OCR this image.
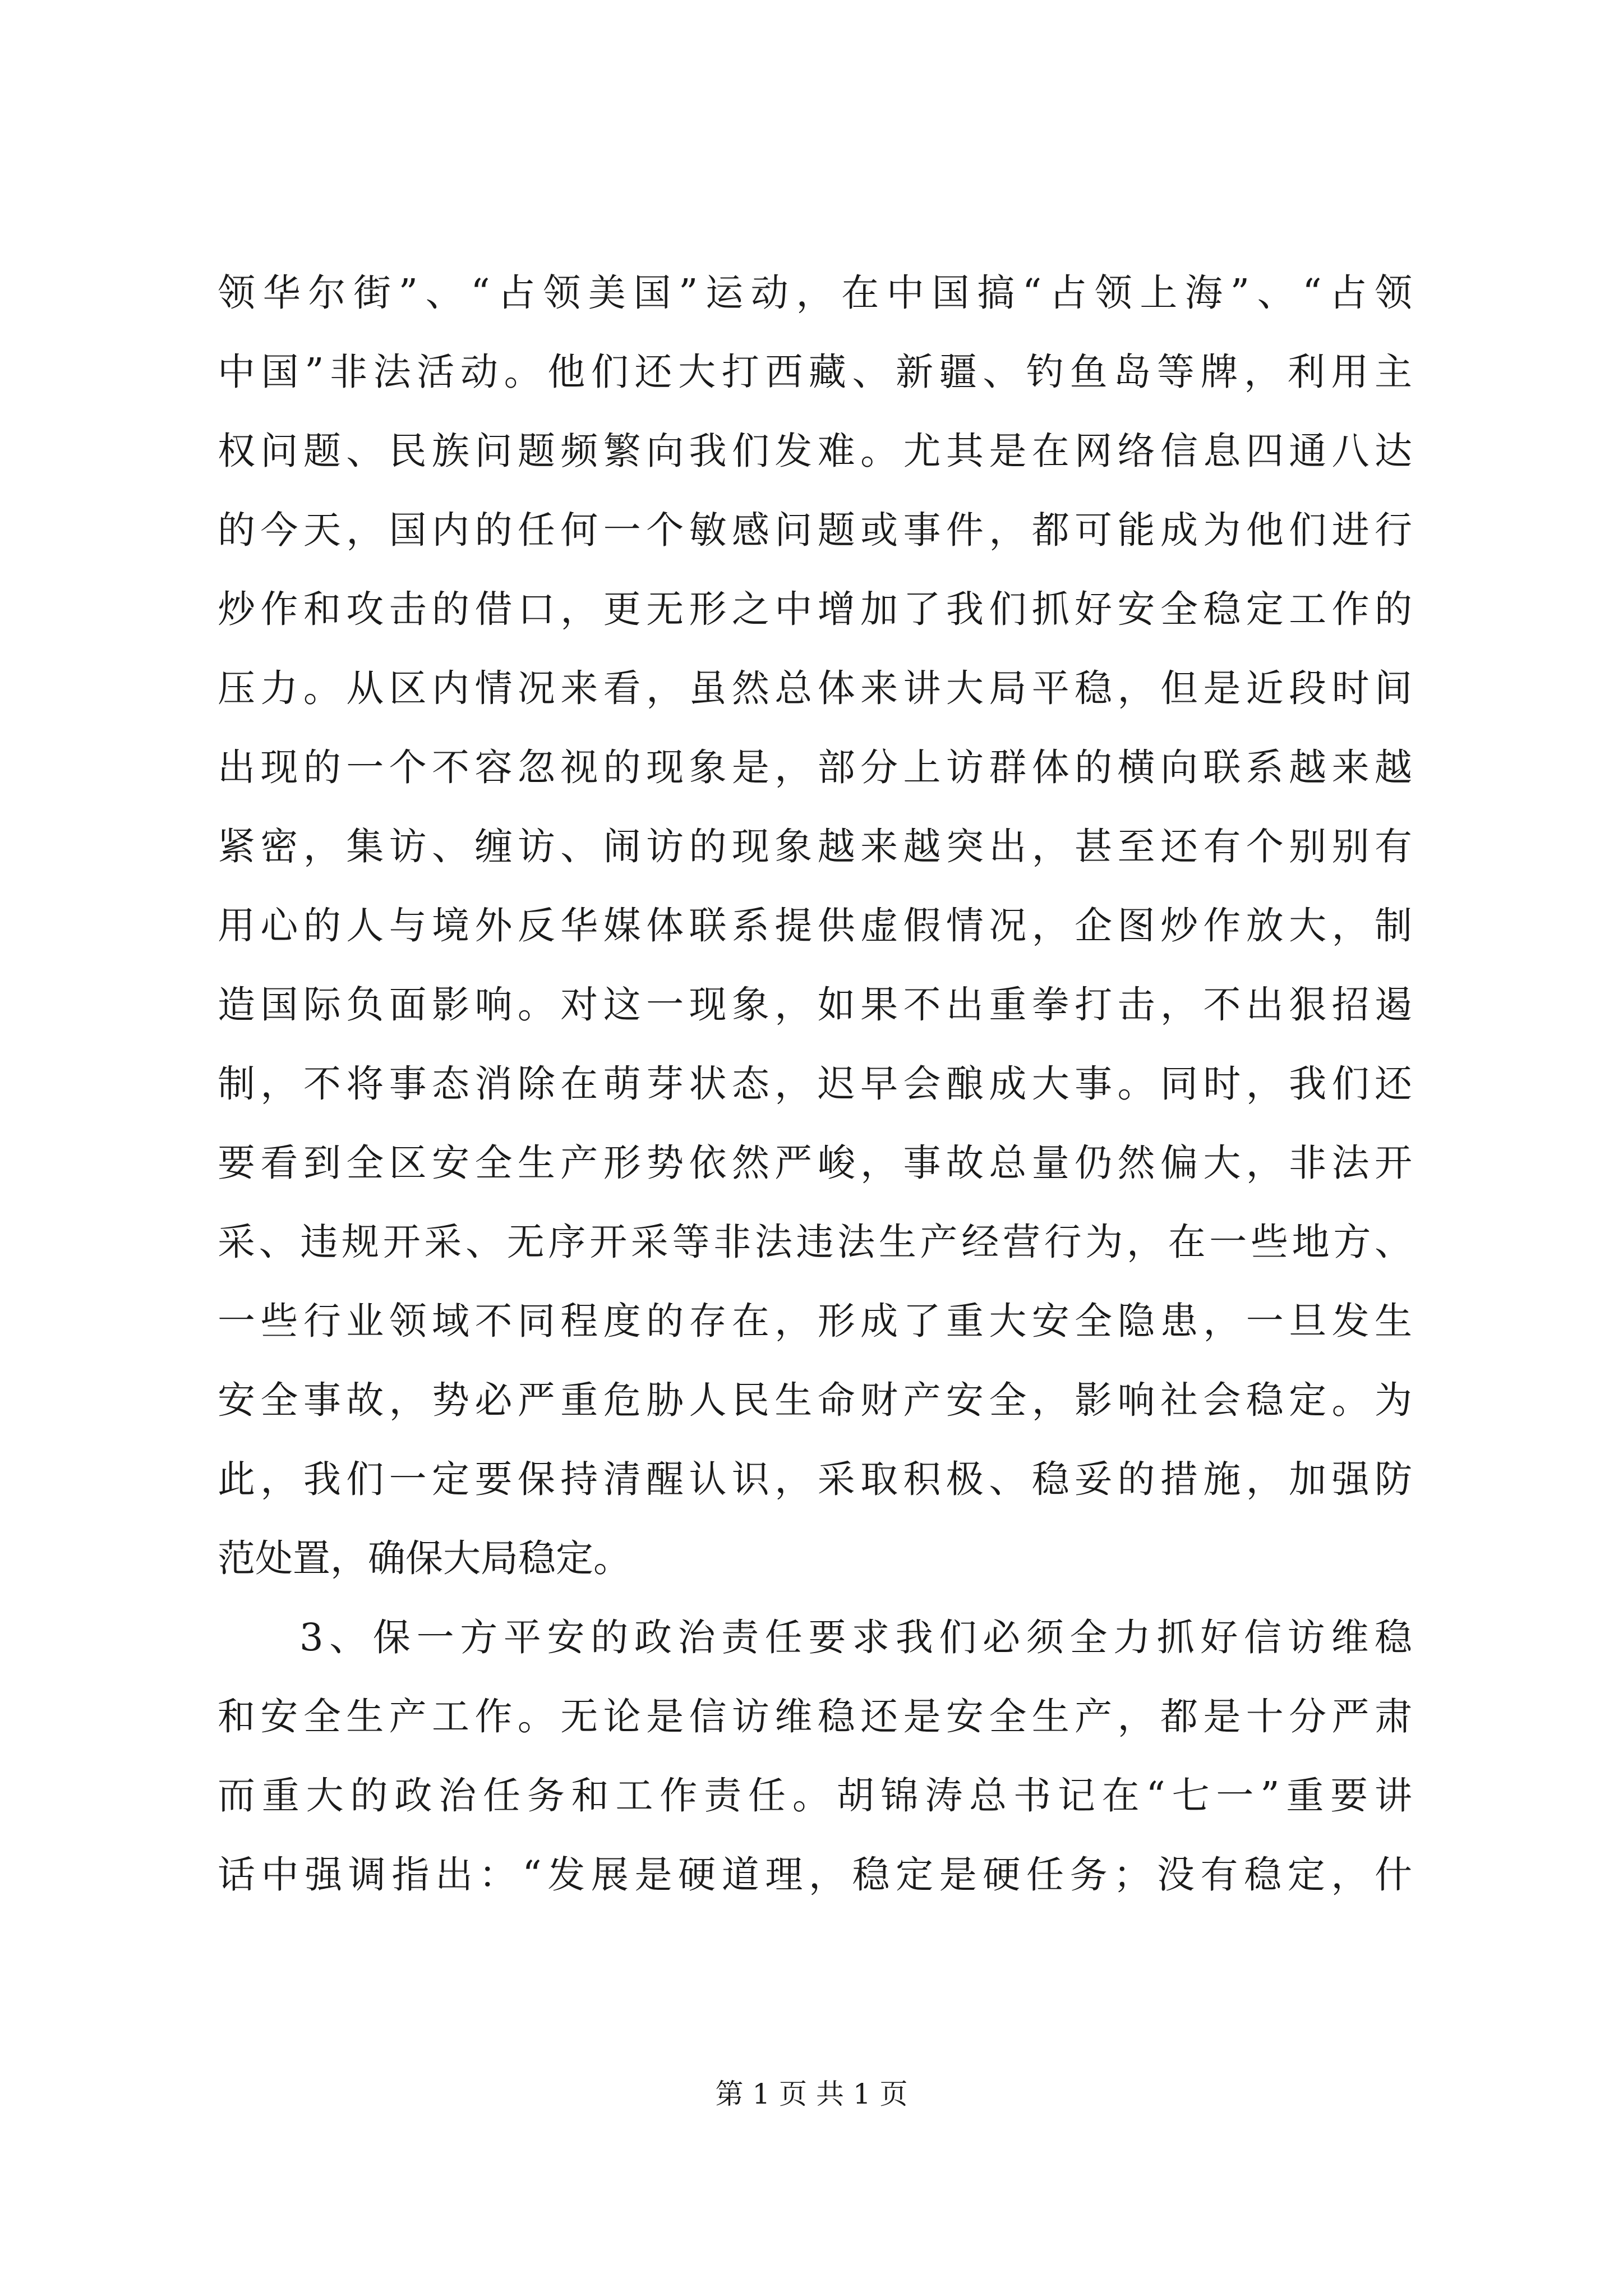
领华尔街”、“占领美国”运动，在中国搞“占领上海”、“占领
中国”非法活动。他们还大打西藏、新疆、钓鱼岛等牌，利用主
权问题、民族问题频繁向我们发难。尤其是在网络信息四通八达
的今天，国内的任何一个敏感问题或事件，都可能成为他们进行
炒作和攻击的借口，更无形之中增加了我们抓好安全稳定工作的
压力。从区内情况来看，虽然总体来讲大局平稳，但是近段时间
出现的一个不容忽视的现象是，部分上访群体的横向联系越来越
紧密，集访、缠访、闹访的现象越来越突出，甚至还有个别别有
用心的人与境外反华媒体联系提供虚假情况，企图炒作放大，制
造国际负面影响。对这一现象，如果不出重拳打击，不出狠招遏
制，不将事态消除在萌芽状态，迟早会酿成大事。同时，我们还
要看到全区安全生产形势依然严峻，事故总量仍然偏大，非法开
采、违规开采、无序开采等非法违法生产经营行为，在一些地方、
一些行业领域不同程度的存在，形成了重大安全隐患，一旦发生
安全事故，势必严重危胁人民生命财产安全，影响社会稳定。为
此，我们一定要保持清醒认识，采取积极、稳妥的措施，加强防
范处置，确保大局稳定。
3、保一方平安的政治责任要求我们必须全力抓好信访维稳
和安全生产工作。无论是信访维稳还是安全生产，都是十分严肃
而重大的政治任务和工作责任。胡锦涛总书记在“七一”重要讲
话中强调指出：“发展是硬道理，稳定是硬任务；没有稳定，什
第 1 页 共 1 页
